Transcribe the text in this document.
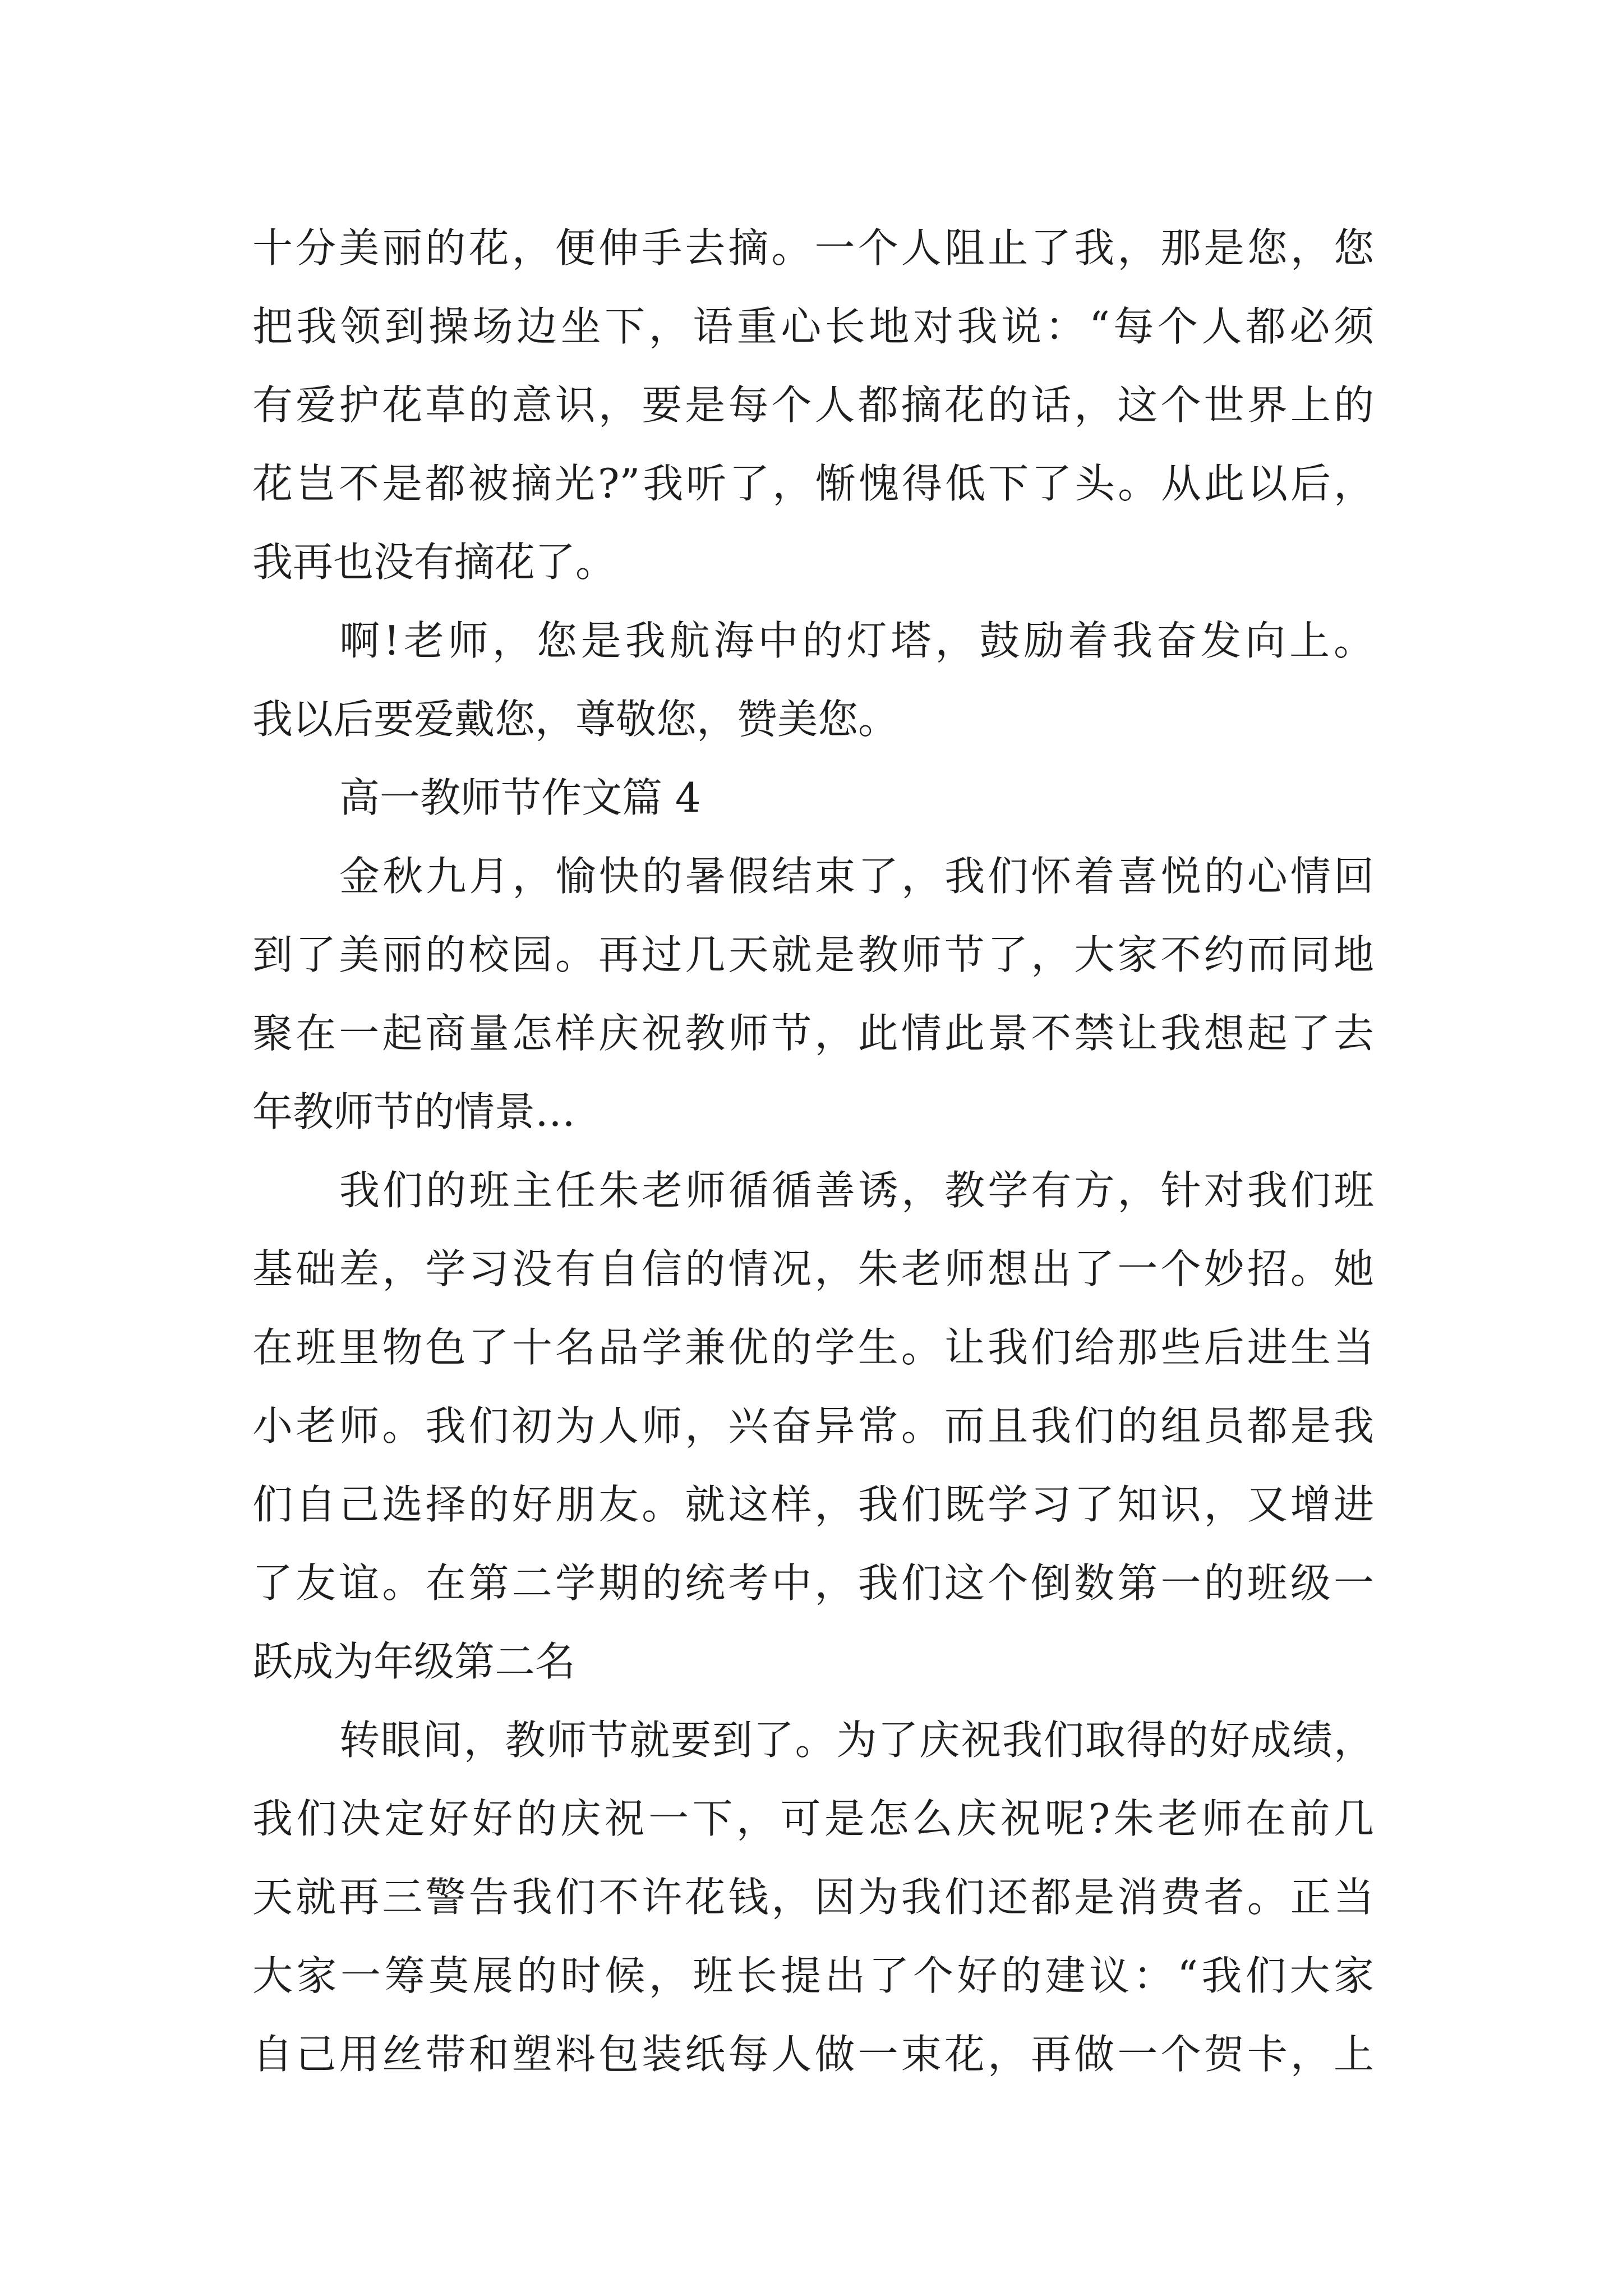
十分美丽的花，便伸手去摘。一个人阻止了我，那是您，您
把我领到操场边坐下，语重心长地对我说：“每个人都必须
有爱护花草的意识，要是每个人都摘花的话，这个世界上的
花岂不是都被摘光?”我听了，惭愧得低下了头。从此以后，
我再也没有摘花了。
啊!老师，您是我航海中的灯塔，鼓励着我奋发向上。
我以后要爱戴您，尊敬您，赞美您。
高一教师节作文篇 4
金秋九月，愉快的暑假结束了，我们怀着喜悦的心情回
到了美丽的校园。再过几天就是教师节了，大家不约而同地
聚在一起商量怎样庆祝教师节，此情此景不禁让我想起了去
年教师节的情景…
我们的班主任朱老师循循善诱，教学有方，针对我们班
基础差，学习没有自信的情况，朱老师想出了一个妙招。她
在班里物色了十名品学兼优的学生。让我们给那些后进生当
小老师。我们初为人师，兴奋异常。而且我们的组员都是我
们自己选择的好朋友。就这样，我们既学习了知识，又增进
了友谊。在第二学期的统考中，我们这个倒数第一的班级一
跃成为年级第二名
转眼间，教师节就要到了。为了庆祝我们取得的好成绩，
我们决定好好的庆祝一下，可是怎么庆祝呢?朱老师在前几
天就再三警告我们不许花钱，因为我们还都是消费者。正当
大家一筹莫展的时候，班长提出了个好的建议：“我们大家
自己用丝带和塑料包装纸每人做一束花，再做一个贺卡，上
